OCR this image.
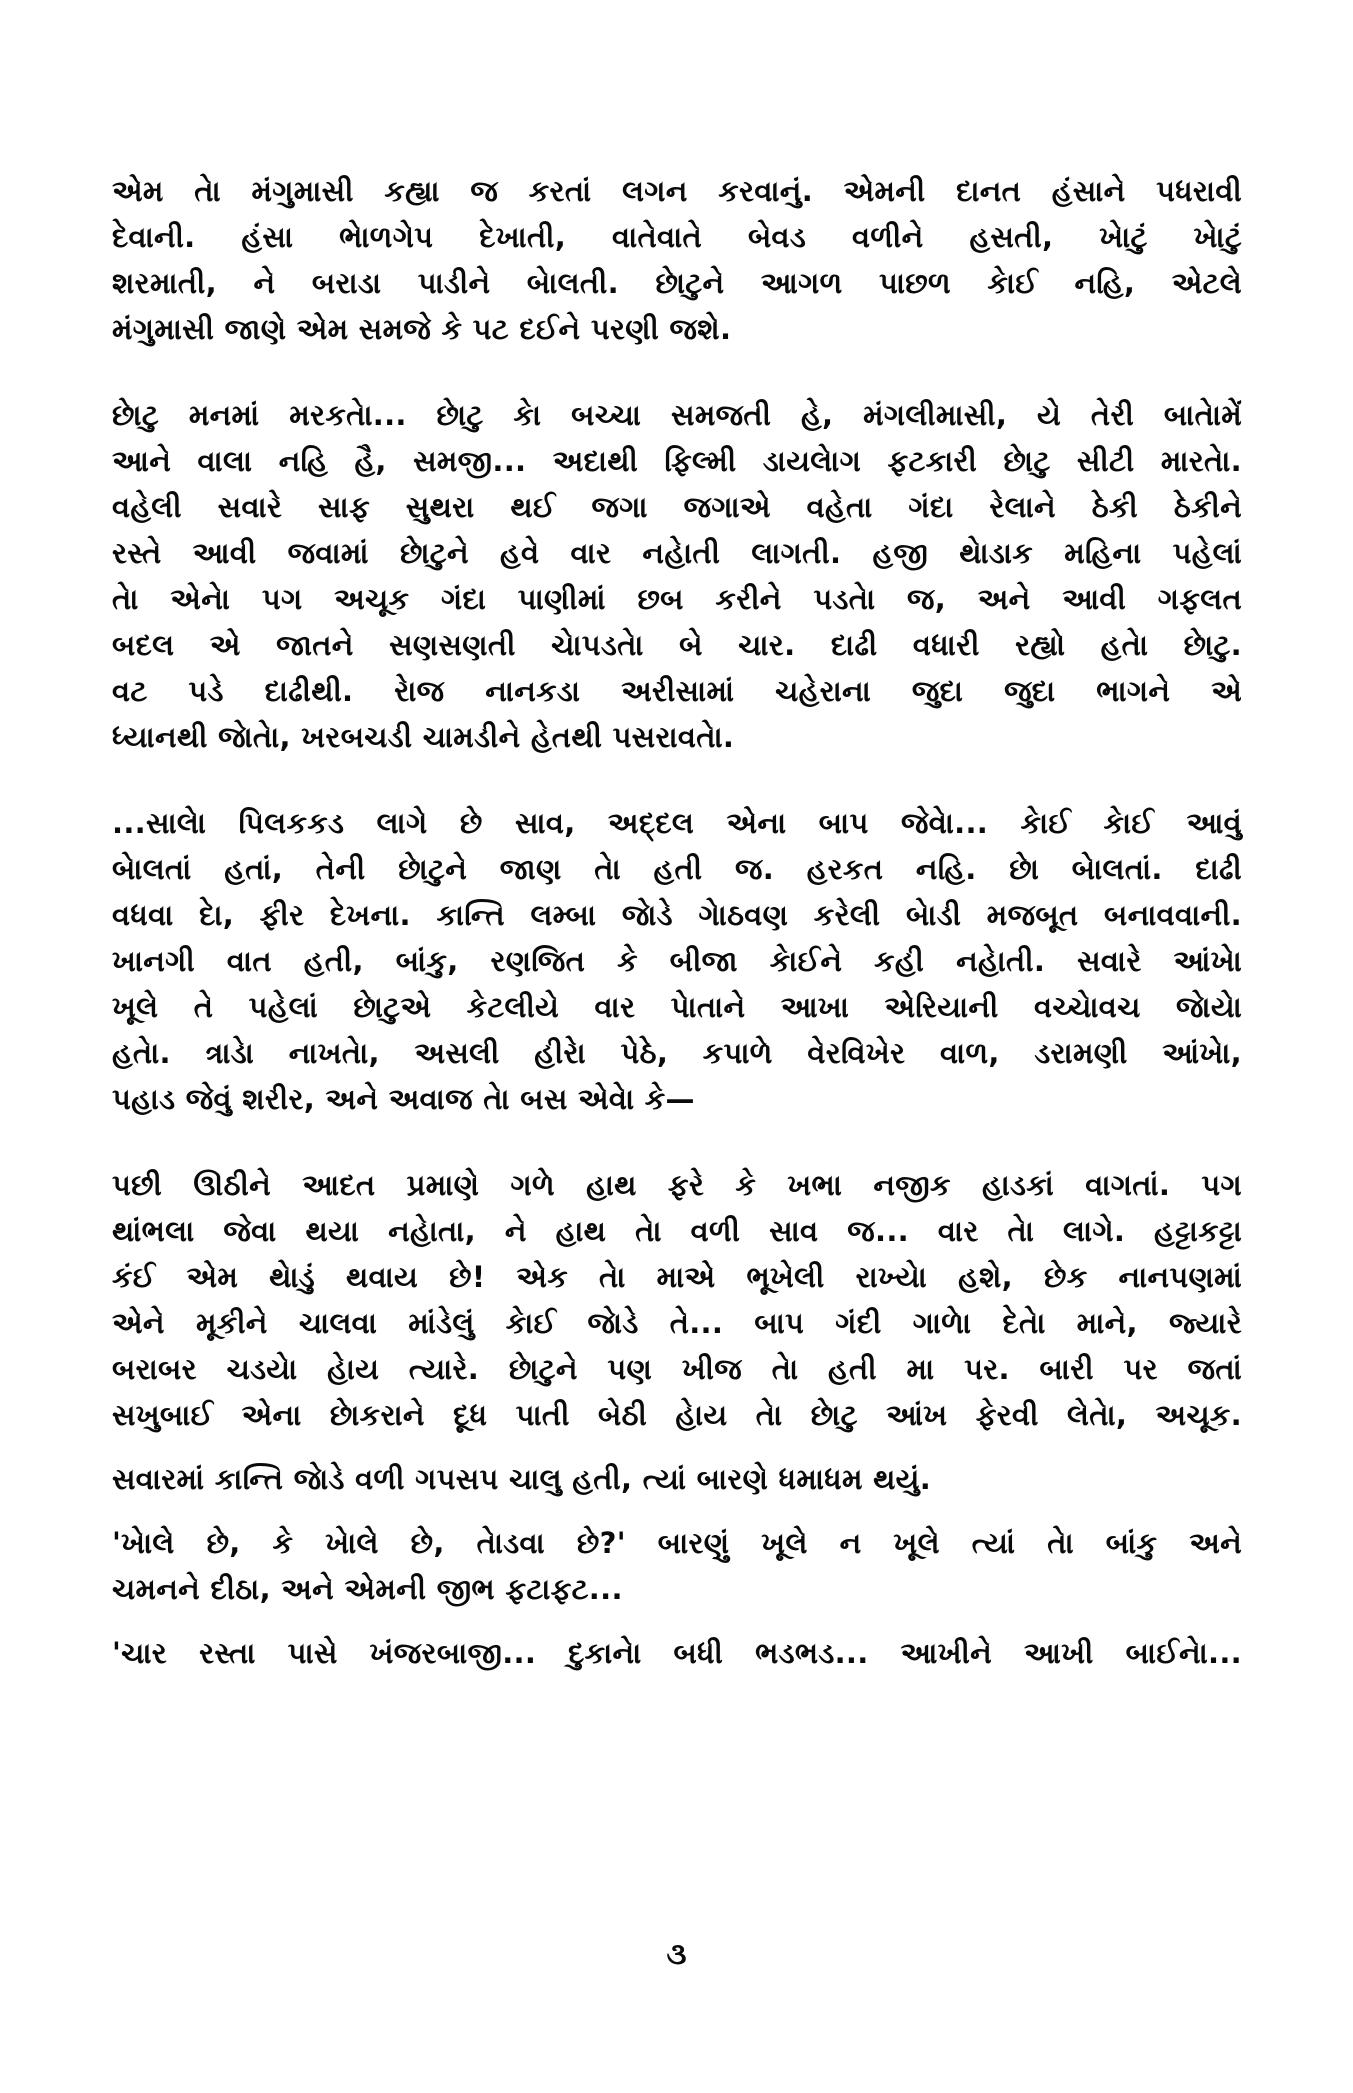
એમ તેા મંગુમાસી કહ્યા જ કરતાં લગન કરવાનું. એમની દાનત હંસાને પધરાવી
દેવાની. હંસા ભેાળગેપ દેખાતી, વાતેવાતે બેવડ વળીને હસતી, ખેાટું ખેાટું
શરમાતી, ને બરાડા પાડીને બેાલતી. છેાટુને આગળ પાછળ કેાઈ નહિ, એટલે
મંગુમાસી જાણે એમ સમજે કે પટ દઈને પરણી જશે.
છેાટુ મનમાં મરકતેા... છેાટુ કેા બચ્ચા સમજતી હે, મંગલીમાસી, યે તેરી બાતેામેં
આને વાલા નહિ હૈ, સમજી... અદાથી ફિલ્મી ડાયલેાગ ફટકારી છેાટુ સીટી મારતેા.
વહેલી સવારે સાફ સુથરા થઈ જગા જગાએ વહેતા ગંદા રેલાને ઠેકી ઠેકીને
રસ્તે આવી જવામાં છેાટુને હવે વાર નહેાતી લાગતી. હજી થેાડાક મહિના પહેલાં
તેા એનેા પગ અચૂક ગંદા પાણીમાં છબ કરીને પડતેા જ, અને આવી ગફલત
બદલ એ જાતને સણસણતી ચેાપડતેા બે ચાર. દાઢી વધારી રહ્યો હતેા છેાટુ.
વટ પડે દાઢીથી. રેાજ નાનકડા અરીસામાં ચહેરાના જુદા જુદા ભાગને એ
ધ્યાનથી જેાતેા, ખરબચડી ચામડીને હેતથી પસરાવતેા.
...સાલેા પિલકકડ લાગે છે સાવ, અદ્દલ એના બાપ જેવેા... કેાઈ કેાઈ આવું
બેાલતાં હતાં, તેની છેાટુને જાણ તેા હતી જ. હરકત નહિ. છેા બેાલતાં. દાઢી
વધવા દેા, ફીર દેખના. કાન્તિ લમ્બા જેાડે ગેાઠવણ કરેલી બેાડી મજબૂત બનાવવાની.
ખાનગી વાત હતી, બાંકુ, રણજિત કે બીજા કેાઈને કહી નહેાતી. સવારે આંખેા
ખૂલે તે પહેલાં છેાટુએ કેટલીયે વાર પેાતાને આખા એરિયાની વચ્ચેાવચ જેાયેા
હતેા. ત્રાડેા નાખતેા, અસલી હીરેા પેઠે, કપાળે વેરવિખેર વાળ, ડરામણી આંખેા,
પહાડ જેવું શરીર, અને અવાજ તેા બસ એવેા કે—
પછી ઊઠીને આદત પ્રમાણે ગળે હાથ ફરે કે ખભા નજીક હાડકાં વાગતાં. પગ
થાંભલા જેવા થયા નહેાતા, ને હાથ તેા વળી સાવ જ... વાર તેા લાગે. હટ્ટાકટ્ટા
કંઈ એમ થેાડું થવાય છે! એક તેા માએ ભૂખેલી રાખ્યેા હશે, છેક નાનપણમાં
એને મૂકીને ચાલવા માંડેલું કેાઈ જેાડે તે... બાપ ગંદી ગાળેા દેતેા માને, જ્યારે
બરાબર ચડયેા હેાય ત્યારે. છેાટુને પણ ખીજ તેા હતી મા પર. બારી પર જતાં
સખુબાઈ એના છેાકરાને દૂધ પાતી બેઠી હેાય તેા છેાટુ આંખ ફેરવી લેતેા, અચૂક.
સવારમાં કાન્તિ જેાડે વળી ગપસપ ચાલુ હતી, ત્યાં બારણે ધમાધમ થયું.
'ખેાલે છે, કે ખેાલે છે, તેાડવા છે?' બારણું ખૂલે ન ખૂલે ત્યાં તેા બાંકુ અને
ચમનને દીઠા, અને એમની જીભ ફટાફટ...
'ચાર રસ્તા પાસે ખંજરબાજી... દુકાનેા બધી ભડભડ... આખીને આખી બાઈનેા...
૩
